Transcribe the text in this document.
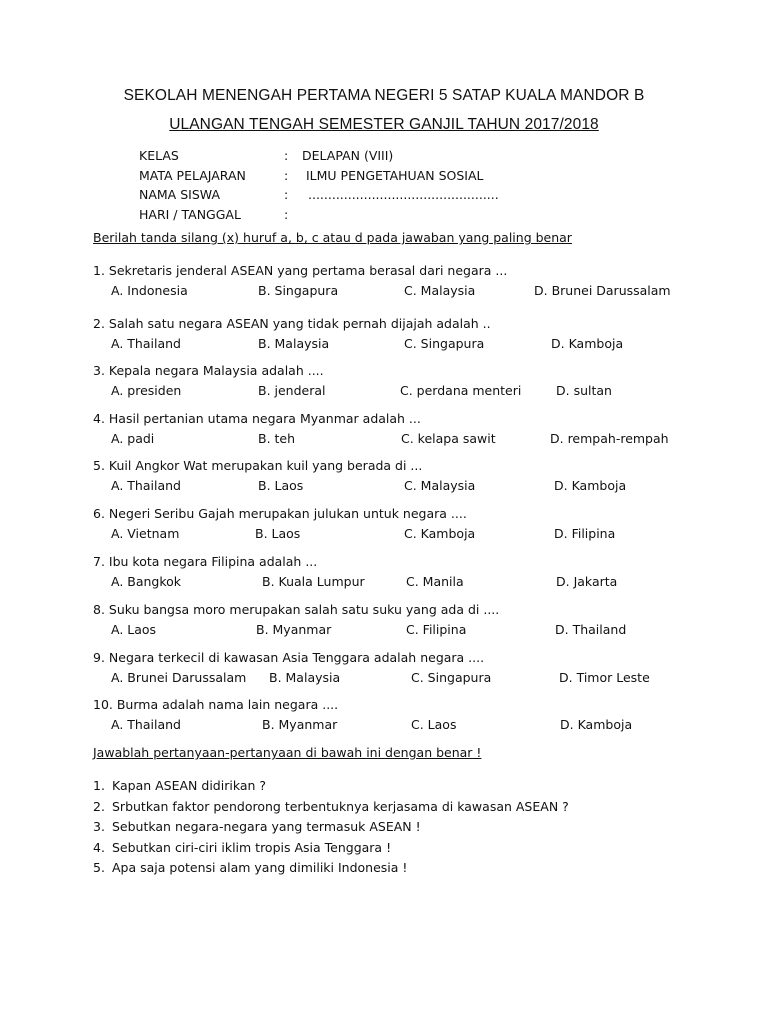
SEKOLAH MENENGAH PERTAMA NEGERI 5 SATAP KUALA MANDOR B
ULANGAN TENGAH SEMESTER GANJIL TAHUN 2017/2018
KELAS	: DELAPAN (VIII)
MATA PELAJARAN	: ILMU PENGETAHUAN SOSIAL
NAMA SISWA	: ................................................
HARI / TANGGAL	:
Berilah tanda silang (x) huruf a, b, c atau d pada jawaban yang paling benar
1. Sekretaris jenderal ASEAN yang pertama berasal dari negara ...
A. Indonesia	B. Singapura	C. Malaysia	D. Brunei Darussalam
2. Salah satu negara ASEAN yang tidak pernah dijajah adalah ..
A. Thailand	B. Malaysia	C. Singapura	D. Kamboja
3. Kepala negara Malaysia adalah ....
A. presiden	B. jenderal	C. perdana menteri	D. sultan
4. Hasil pertanian utama negara Myanmar adalah ...
A. padi	B. teh	C. kelapa sawit	D. rempah-rempah
5. Kuil Angkor Wat merupakan kuil yang berada di ...
A. Thailand	B. Laos	C. Malaysia	D. Kamboja
6. Negeri Seribu Gajah merupakan julukan untuk negara ....
A. Vietnam	B. Laos	C. Kamboja	D. Filipina
7. Ibu kota negara Filipina adalah ...
A. Bangkok	B. Kuala Lumpur	C. Manila	D. Jakarta
8. Suku bangsa moro merupakan salah satu suku yang ada di ....
A. Laos	B. Myanmar	C. Filipina	D. Thailand
9. Negara terkecil di kawasan Asia Tenggara adalah negara ....
A. Brunei Darussalam B. Malaysia	C. Singapura	D. Timor Leste
10. Burma adalah nama lain negara ....
A. Thailand	B. Myanmar	C. Laos	D. Kamboja
Jawablah pertanyaan-pertanyaan di bawah ini dengan benar !
1. Kapan ASEAN didirikan ?
2. Srbutkan faktor pendorong terbentuknya kerjasama di kawasan ASEAN ?
3. Sebutkan negara-negara yang termasuk ASEAN !
4. Sebutkan ciri-ciri iklim tropis Asia Tenggara !
5. Apa saja potensi alam yang dimiliki Indonesia !
